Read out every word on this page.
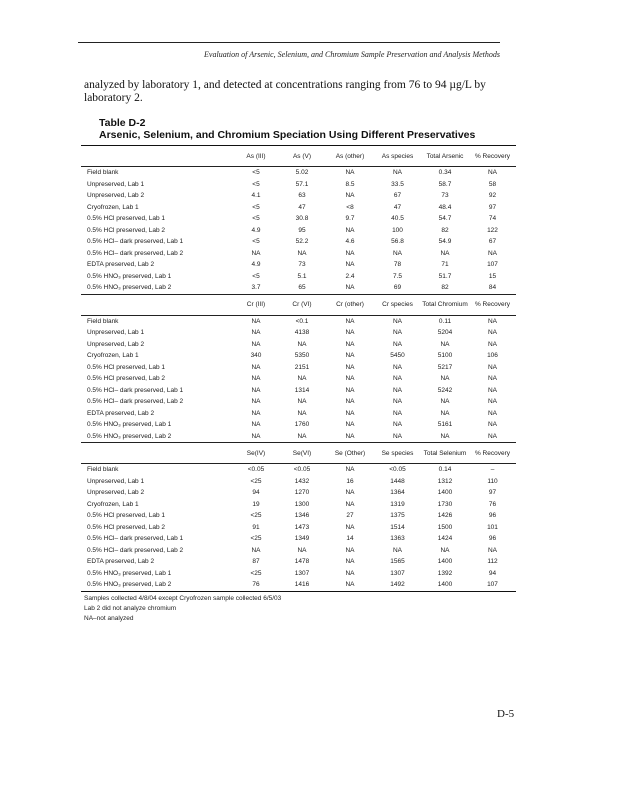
Evaluation of Arsenic, Selenium, and Chromium Sample Preservation and Analysis Methods
analyzed by laboratory 1, and detected at concentrations ranging from 76 to 94 µg/L by laboratory 2.
Table D-2
Arsenic, Selenium, and Chromium Speciation Using Different Preservatives
	As (III)	As (V)	As (other)	As species	Total Arsenic	% Recovery
Field blank	<5	5.02	NA	NA	0.34	NA
Unpreserved, Lab 1	<5	57.1	8.5	33.5	58.7	58
Unpreserved, Lab 2	4.1	63	NA	67	73	92
Cryofrozen, Lab 1	<5	47	<8	47	48.4	97
0.5% HCl preserved, Lab 1	<5	30.8	9.7	40.5	54.7	74
0.5% HCl preserved, Lab 2	4.9	95	NA	100	82	122
0.5% HCl– dark preserved, Lab 1	<5	52.2	4.6	56.8	54.9	67
0.5% HCl– dark preserved, Lab 2	NA	NA	NA	NA	NA	NA
EDTA preserved, Lab 2	4.9	73	NA	78	71	107
0.5% HNO₃ preserved, Lab 1	<5	5.1	2.4	7.5	51.7	15
0.5% HNO₃ preserved, Lab 2	3.7	65	NA	69	82	84
	Cr (III)	Cr (VI)	Cr (other)	Cr species	Total Chromium	% Recovery
Field blank	NA	<0.1	NA	NA	0.11	NA
Unpreserved, Lab 1	NA	4138	NA	NA	5204	NA
Unpreserved, Lab 2	NA	NA	NA	NA	NA	NA
Cryofrozen, Lab 1	340	5350	NA	5450	5100	106
0.5% HCl preserved, Lab 1	NA	2151	NA	NA	5217	NA
0.5% HCl preserved, Lab 2	NA	NA	NA	NA	NA	NA
0.5% HCl– dark preserved, Lab 1	NA	1314	NA	NA	5242	NA
0.5% HCl– dark preserved, Lab 2	NA	NA	NA	NA	NA	NA
EDTA preserved, Lab 2	NA	NA	NA	NA	NA	NA
0.5% HNO₃ preserved, Lab 1	NA	1760	NA	NA	5161	NA
0.5% HNO₃ preserved, Lab 2	NA	NA	NA	NA	NA	NA
	Se(IV)	Se(VI)	Se (Other)	Se species	Total Selenium	% Recovery
Field blank	<0.05	<0.05	NA	<0.05	0.14	–
Unpreserved, Lab 1	<25	1432	16	1448	1312	110
Unpreserved, Lab 2	94	1270	NA	1364	1400	97
Cryofrozen, Lab 1	19	1300	NA	1319	1730	76
0.5% HCl preserved, Lab 1	<25	1346	27	1375	1426	96
0.5% HCl preserved, Lab 2	91	1473	NA	1514	1500	101
0.5% HCl– dark preserved, Lab 1	<25	1349	14	1363	1424	96
0.5% HCl– dark preserved, Lab 2	NA	NA	NA	NA	NA	NA
EDTA preserved, Lab 2	87	1478	NA	1565	1400	112
0.5% HNO₃ preserved, Lab 1	<25	1307	NA	1307	1392	94
0.5% HNO₃ preserved, Lab 2	76	1416	NA	1492	1400	107
Samples collected 4/8/04 except Cryofrozen sample collected 6/5/03
Lab 2 did not analyze chromium
NA–not analyzed
D-5
